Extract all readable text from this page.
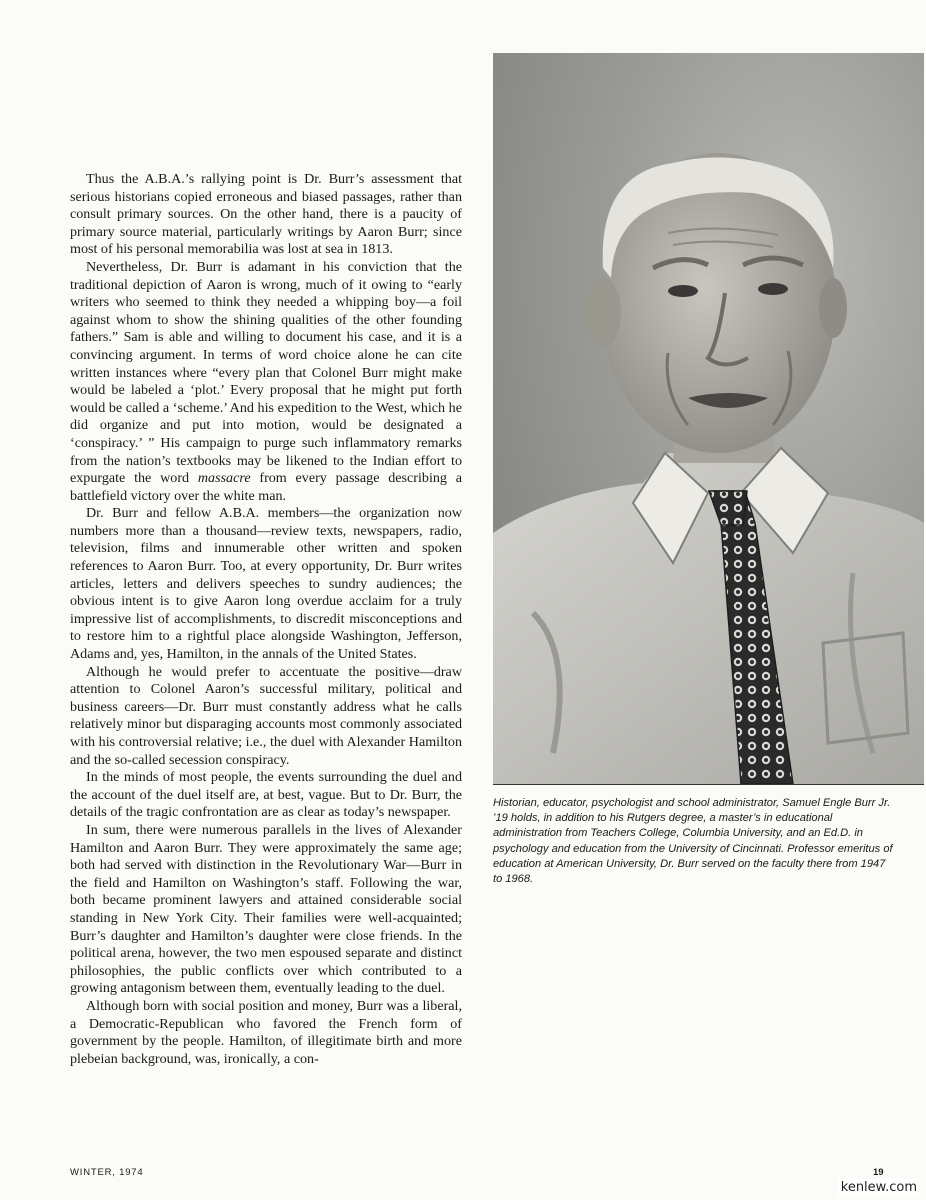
Thus the A.B.A.’s rallying point is Dr. Burr’s assessment that serious historians copied erroneous and biased passages, rather than consult primary sources. On the other hand, there is a paucity of primary source material, particularly writings by Aaron Burr; since most of his personal memorabilia was lost at sea in 1813.

Nevertheless, Dr. Burr is adamant in his conviction that the traditional depiction of Aaron is wrong, much of it owing to “early writers who seemed to think they needed a whipping boy—a foil against whom to show the shining qualities of the other founding fathers.” Sam is able and willing to document his case, and it is a convincing argument. In terms of word choice alone he can cite written instances where “every plan that Colonel Burr might make would be labeled a ‘plot.’ Every proposal that he might put forth would be called a ‘scheme.’ And his expedition to the West, which he did organize and put into motion, would be designated a ‘conspiracy.’ ” His campaign to purge such inflammatory remarks from the nation’s textbooks may be likened to the Indian effort to expurgate the word massacre from every passage describing a battlefield victory over the white man.

Dr. Burr and fellow A.B.A. members—the organization now numbers more than a thousand—review texts, newspapers, radio, television, films and innumerable other written and spoken references to Aaron Burr. Too, at every opportunity, Dr. Burr writes articles, letters and delivers speeches to sundry audiences; the obvious intent is to give Aaron long overdue acclaim for a truly impressive list of accomplishments, to discredit misconceptions and to restore him to a rightful place alongside Washington, Jefferson, Adams and, yes, Hamilton, in the annals of the United States.

Although he would prefer to accentuate the positive—draw attention to Colonel Aaron’s successful military, political and business careers—Dr. Burr must constantly address what he calls relatively minor but disparaging accounts most commonly associated with his controversial relative; i.e., the duel with Alexander Hamilton and the so-called secession conspiracy.

In the minds of most people, the events surrounding the duel and the account of the duel itself are, at best, vague. But to Dr. Burr, the details of the tragic confrontation are as clear as today’s newspaper.

In sum, there were numerous parallels in the lives of Alexander Hamilton and Aaron Burr. They were approximately the same age; both had served with distinction in the Revolutionary War—Burr in the field and Hamilton on Washington’s staff. Following the war, both became prominent lawyers and attained considerable social standing in New York City. Their families were well-acquainted; Burr’s daughter and Hamilton’s daughter were close friends. In the political arena, however, the two men espoused separate and distinct philosophies, the public conflicts over which contributed to a growing antagonism between them, eventually leading to the duel.

Although born with social position and money, Burr was a liberal, a Democratic-Republican who favored the French form of government by the people. Hamilton, of illegitimate birth and more plebeian background, was, ironically, a con-

Historian, educator, psychologist and school administrator, Samuel Engle Burr Jr. ’19 holds, in addition to his Rutgers degree, a master’s in educational administration from Teachers College, Columbia University, and an Ed.D. in psychology and education from the University of Cincinnati. Professor emeritus of education at American University, Dr. Burr served on the faculty there from 1947 to 1968.

WINTER, 1974	19
kenlew.com
